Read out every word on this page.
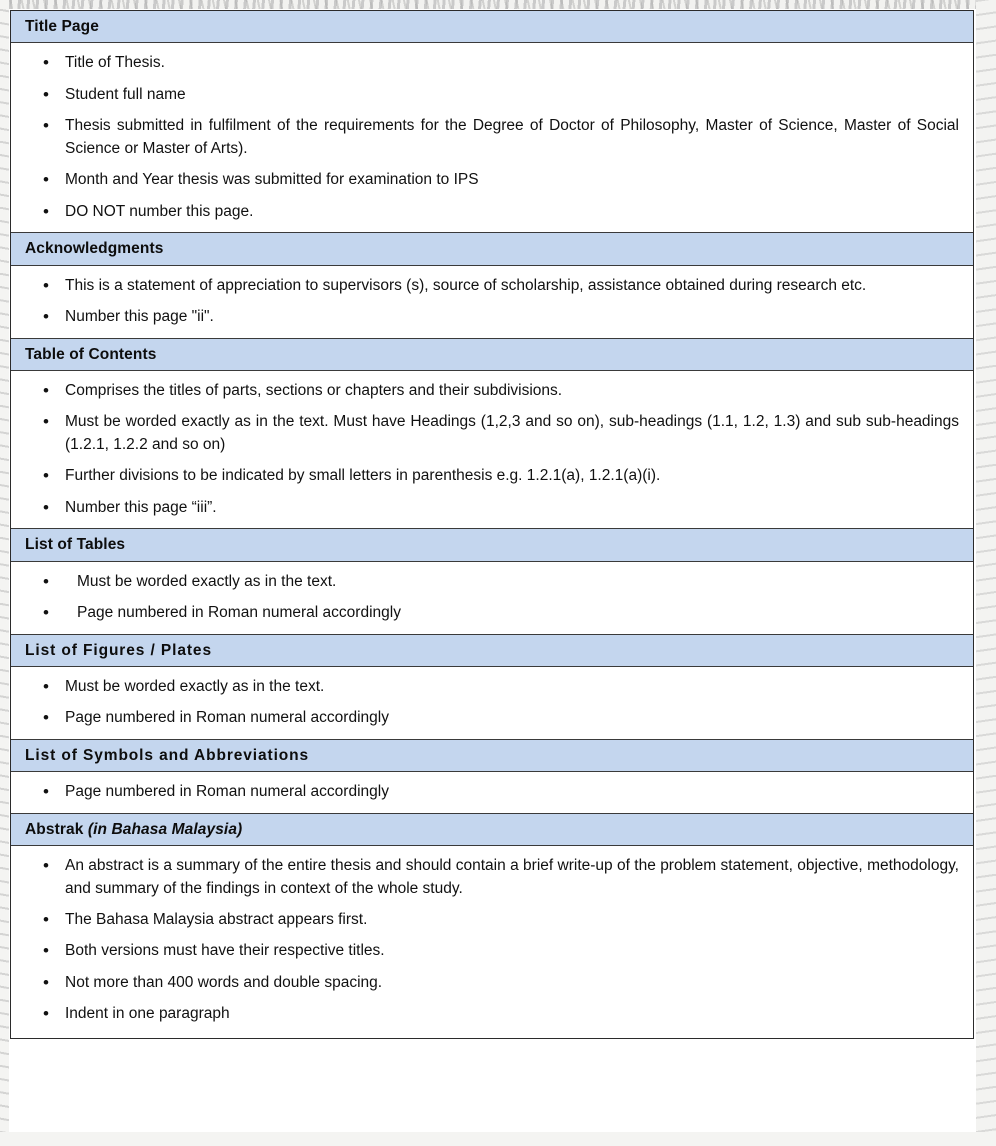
Title Page
• Title of Thesis.
• Student full name
• Thesis submitted in fulfilment of the requirements for the Degree of Doctor of Philosophy, Master of Science, Master of Social Science or Master of Arts).
• Month and Year thesis was submitted for examination to IPS
• DO NOT number this page.
Acknowledgments
• This is a statement of appreciation to supervisors (s), source of scholarship, assistance obtained during research etc.
• Number this page "ii".
Table of Contents
• Comprises the titles of parts, sections or chapters and their subdivisions.
• Must be worded exactly as in the text. Must have Headings (1,2,3 and so on), sub-headings (1.1, 1.2, 1.3) and sub sub-headings (1.2.1, 1.2.2 and so on)
• Further divisions to be indicated by small letters in parenthesis e.g. 1.2.1(a), 1.2.1(a)(i).
• Number this page “iii”.
List of Tables
• Must be worded exactly as in the text.
• Page numbered in Roman numeral accordingly
List of Figures / Plates
• Must be worded exactly as in the text.
• Page numbered in Roman numeral accordingly
List of Symbols and Abbreviations
• Page numbered in Roman numeral accordingly
Abstrak (in Bahasa Malaysia)
• An abstract is a summary of the entire thesis and should contain a brief write-up of the problem statement, objective, methodology, and summary of the findings in context of the whole study.
• The Bahasa Malaysia abstract appears first.
• Both versions must have their respective titles.
• Not more than 400 words and double spacing.
• Indent in one paragraph
